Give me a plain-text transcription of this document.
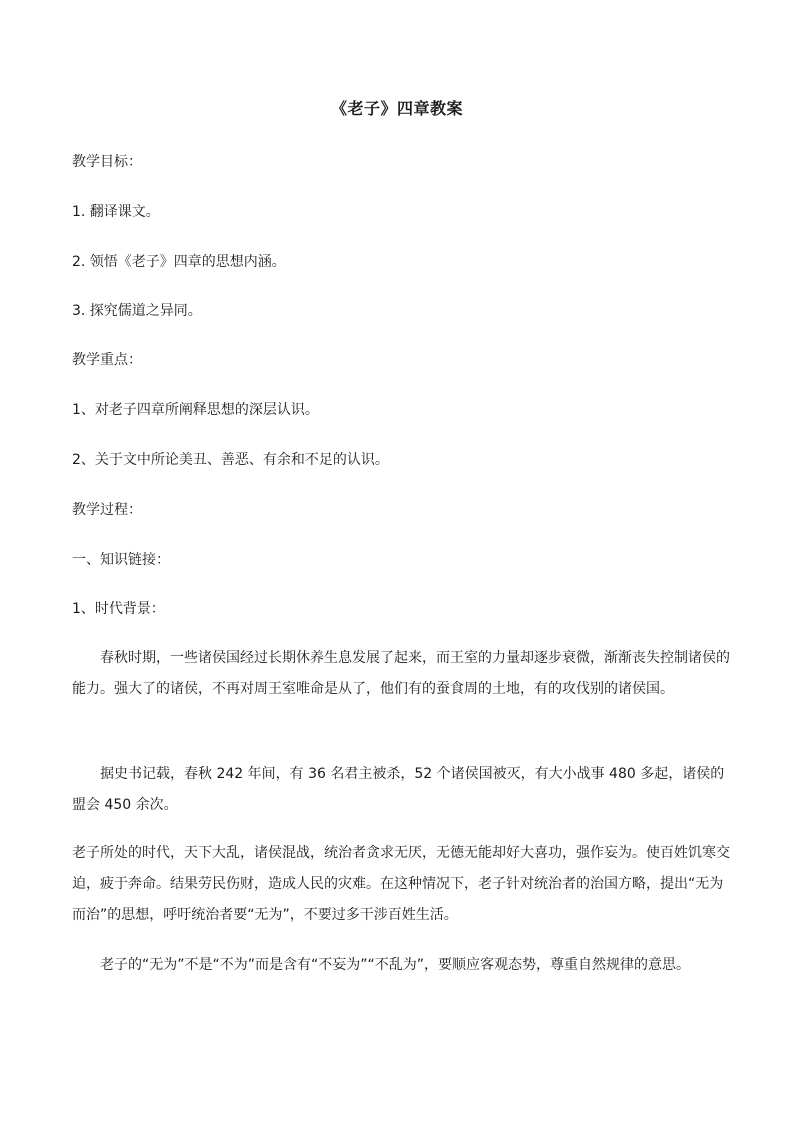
《老子》四章教案
教学目标：
1. 翻译课文。
2. 领悟《老子》四章的思想内涵。
3. 探究儒道之异同。
教学重点：
1、对老子四章所阐释思想的深层认识。
2、关于文中所论美丑、善恶、有余和不足的认识。
教学过程：
一、知识链接：
1、时代背景：

春秋时期，一些诸侯国经过长期休养生息发展了起来，而王室的力量却逐步衰微，渐渐丧失控制诸侯的能力。强大了的诸侯，不再对周王室唯命是从了，他们有的蚕食周的土地，有的攻伐别的诸侯国。

据史书记载，春秋 242 年间，有 36 名君主被杀，52 个诸侯国被灭，有大小战事 480 多起，诸侯的盟会 450 余次。

老子所处的时代，天下大乱，诸侯混战，统治者贪求无厌，无德无能却好大喜功，强作妄为。使百姓饥寒交迫，疲于奔命。结果劳民伤财，造成人民的灾难。在这种情况下，老子针对统治者的治国方略，提出“无为而治”的思想，呼吁统治者要“无为”，不要过多干涉百姓生活。

老子的“无为”不是“不为”而是含有“不妄为”“不乱为”，要顺应客观态势，尊重自然规律的意思。
